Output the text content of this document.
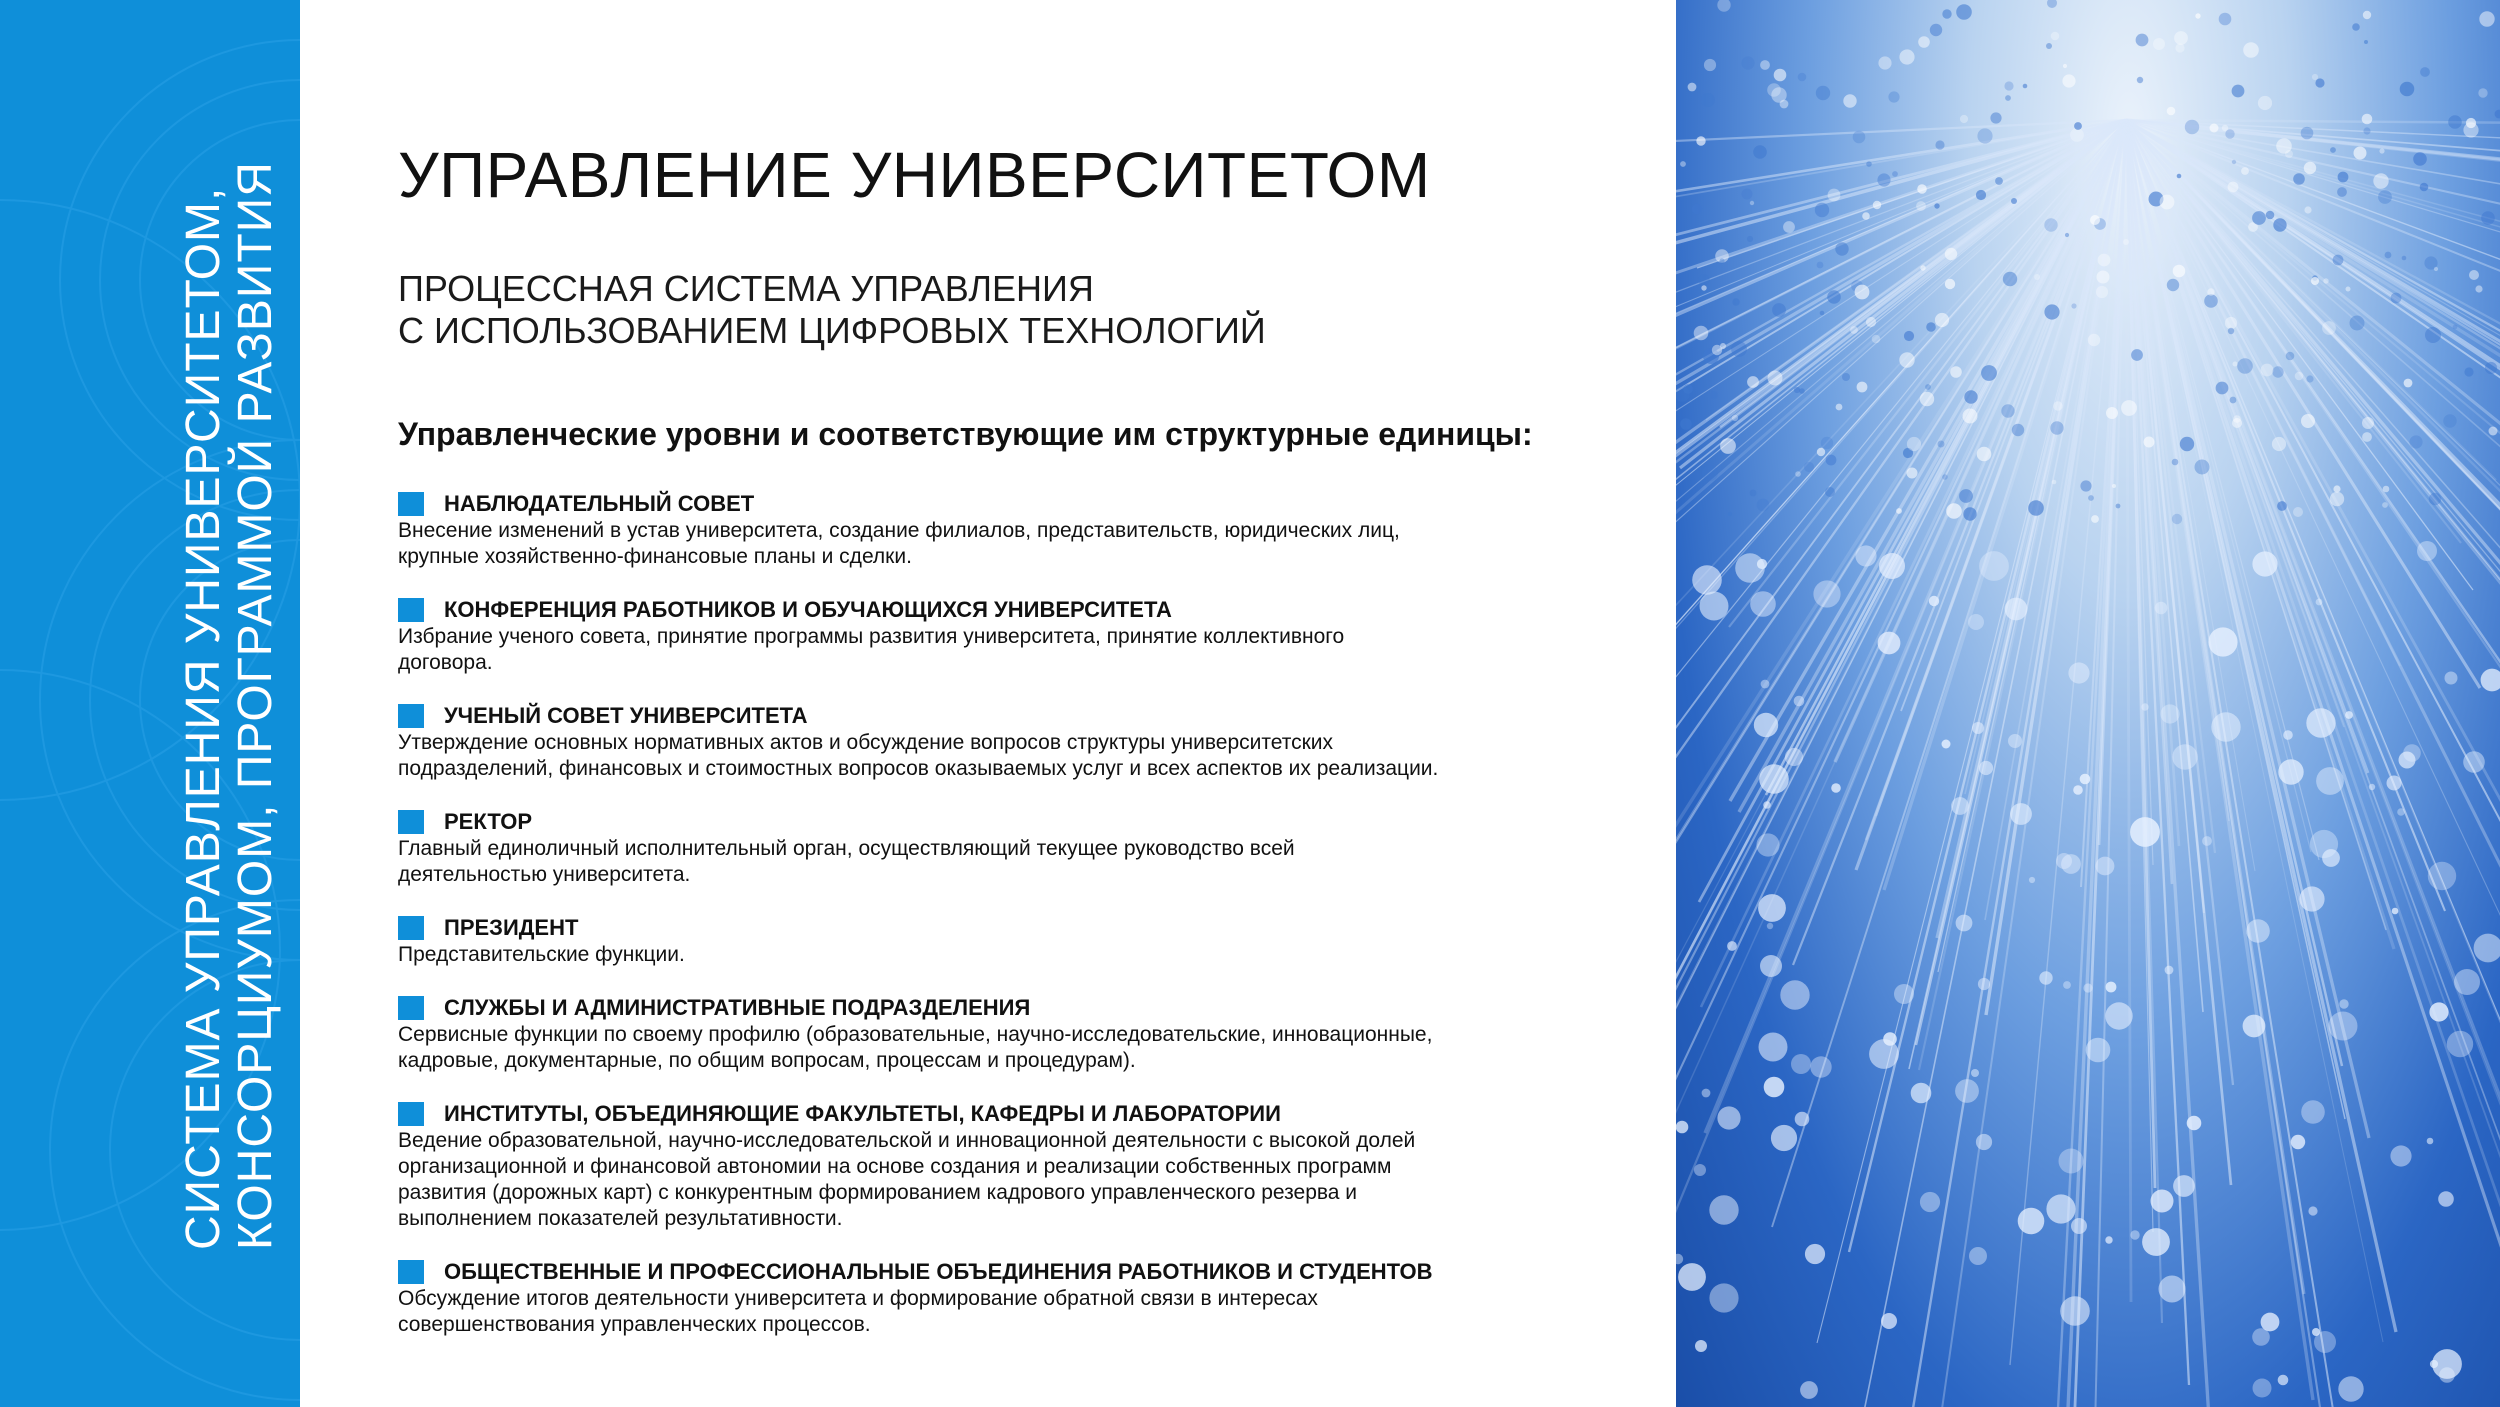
СИСТЕМА УПРАВЛЕНИЯ УНИВЕРСИТЕТОМ, КОНСОРЦИУМОМ, ПРОГРАММОЙ РАЗВИТИЯ УПРАВЛЕНИЕ УНИВЕРСИТЕТОМ
ПРОЦЕССНАЯ СИСТЕМА УПРАВЛЕНИЯ
С ИСПОЛЬЗОВАНИЕМ ЦИФРОВЫХ ТЕХНОЛОГИЙ
Управленческие уровни и соответствующие им структурные единицы:
НАБЛЮДАТЕЛЬНЫЙ СОВЕТ
Внесение изменений в устав университета, создание филиалов, представительств, юридических лиц,
крупные хозяйственно-финансовые планы и сделки.
КОНФЕРЕНЦИЯ РАБОТНИКОВ И ОБУЧАЮЩИХСЯ УНИВЕРСИТЕТА
Избрание ученого совета, принятие программы развития университета, принятие коллективного
договора.
УЧЕНЫЙ СОВЕТ УНИВЕРСИТЕТА
Утверждение основных нормативных актов и обсуждение вопросов структуры университетских
подразделений, финансовых и стоимостных вопросов оказываемых услуг и всех аспектов их реализации.
РЕКТОР
Главный единоличный исполнительный орган, осуществляющий текущее руководство всей
деятельностью университета.
ПРЕЗИДЕНТ
Представительские функции.
СЛУЖБЫ И АДМИНИСТРАТИВНЫЕ ПОДРАЗДЕЛЕНИЯ
Сервисные функции по своему профилю (образовательные, научно-исследовательские, инновационные,
кадровые, документарные, по общим вопросам, процессам и процедурам).
ИНСТИТУТЫ, ОБЪЕДИНЯЮЩИЕ ФАКУЛЬТЕТЫ, КАФЕДРЫ И ЛАБОРАТОРИИ
Ведение образовательной, научно-исследовательской и инновационной деятельности с высокой долей
организационной и финансовой автономии на основе создания и реализации собственных программ
развития (дорожных карт) с конкурентным формированием кадрового управленческого резерва и
выполнением показателей результативности.
ОБЩЕСТВЕННЫЕ И ПРОФЕССИОНАЛЬНЫЕ ОБЪЕДИНЕНИЯ РАБОТНИКОВ И СТУДЕНТОВ
Обсуждение итогов деятельности университета и формирование обратной связи в интересах
совершенствования управленческих процессов.
